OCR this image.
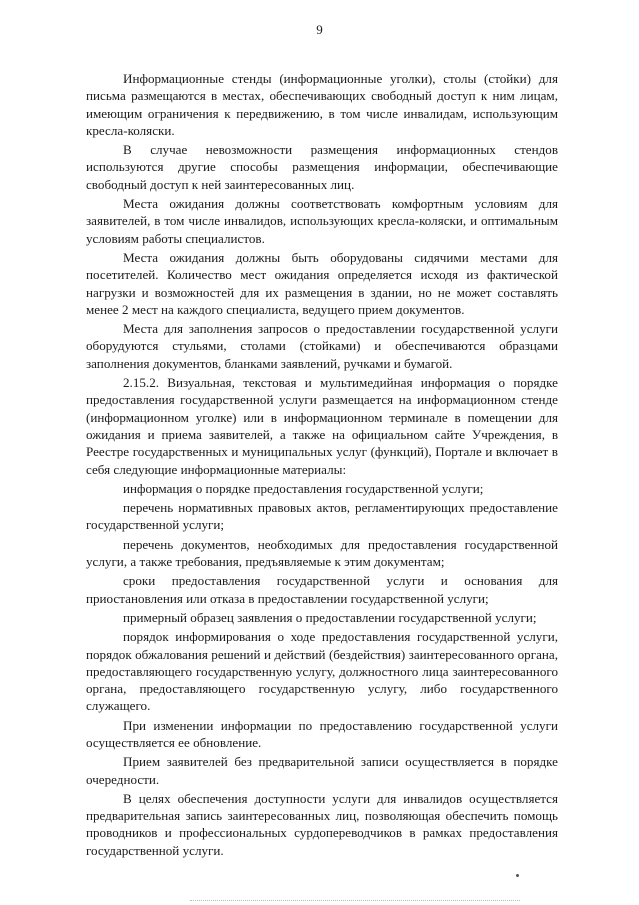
9

Информационные стенды (информационные уголки), столы (стойки) для письма размещаются в местах, обеспечивающих свободный доступ к ним лицам, имеющим ограничения к передвижению, в том числе инвалидам, использующим кресла-коляски.

В случае невозможности размещения информационных стендов используются другие способы размещения информации, обеспечивающие свободный доступ к ней заинтересованных лиц.

Места ожидания должны соответствовать комфортным условиям для заявителей, в том числе инвалидов, использующих кресла-коляски, и оптимальным условиям работы специалистов.

Места ожидания должны быть оборудованы сидячими местами для посетителей. Количество мест ожидания определяется исходя из фактической нагрузки и возможностей для их размещения в здании, но не может составлять менее 2 мест на каждого специалиста, ведущего прием документов.

Места для заполнения запросов о предоставлении государственной услуги оборудуются стульями, столами (стойками) и обеспечиваются образцами заполнения документов, бланками заявлений, ручками и бумагой.

2.15.2. Визуальная, текстовая и мультимедийная информация о порядке предоставления государственной услуги размещается на информационном стенде (информационном уголке) или в информационном терминале в помещении для ожидания и приема заявителей, а также на официальном сайте Учреждения, в Реестре государственных и муниципальных услуг (функций), Портале и включает в себя следующие информационные материалы:

информация о порядке предоставления государственной услуги;

перечень нормативных правовых актов, регламентирующих предоставление государственной услуги;

перечень документов, необходимых для предоставления государственной услуги, а также требования, предъявляемые к этим документам;

сроки предоставления государственной услуги и основания для приостановления или отказа в предоставлении государственной услуги;

примерный образец заявления о предоставлении государственной услуги;

порядок информирования о ходе предоставления государственной услуги, порядок обжалования решений и действий (бездействия) заинтересованного органа, предоставляющего государственную услугу, должностного лица заинтересованного органа, предоставляющего государственную услугу, либо государственного служащего.

При изменении информации по предоставлению государственной услуги осуществляется ее обновление.

Прием заявителей без предварительной записи осуществляется в порядке очередности.

В целях обеспечения доступности услуги для инвалидов осуществляется предварительная запись заинтересованных лиц, позволяющая обеспечить помощь проводников и профессиональных сурдопереводчиков в рамках предоставления государственной услуги.
